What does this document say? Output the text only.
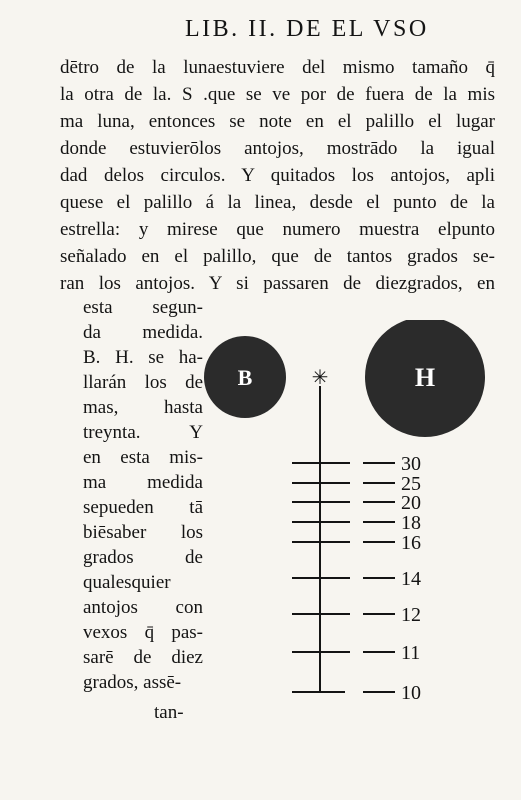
LIB. II. DE EL VSO
dētro de la lunaestuviere del mismo tamaño q̄
la otra de la. S .que se ve por de fuera de la mis
ma luna, entonces se note en el palillo el lugar
donde estuvierōlos antojos, mostrādo la igual
dad delos circulos. Y quitados los antojos, apli
quese el palillo á la linea, desde el punto de la
estrella: y mirese que numero muestra elpunto
señalado en el palillo, que de tantos grados se-
ran los antojos. Y si passaren de diezgrados, en
esta segun-
da medida.
B. H. se ha-
llarán los de
mas, hasta
treynta. Y
en esta mis-
ma medida
sepueden tā
biēsaber los
grados de
qualesquier
antojos con
vexos q̄ pas-
sarē de diez
grados, assē-
tan-
B	H
✳
30
25
20
18
16
14
12
11
10
